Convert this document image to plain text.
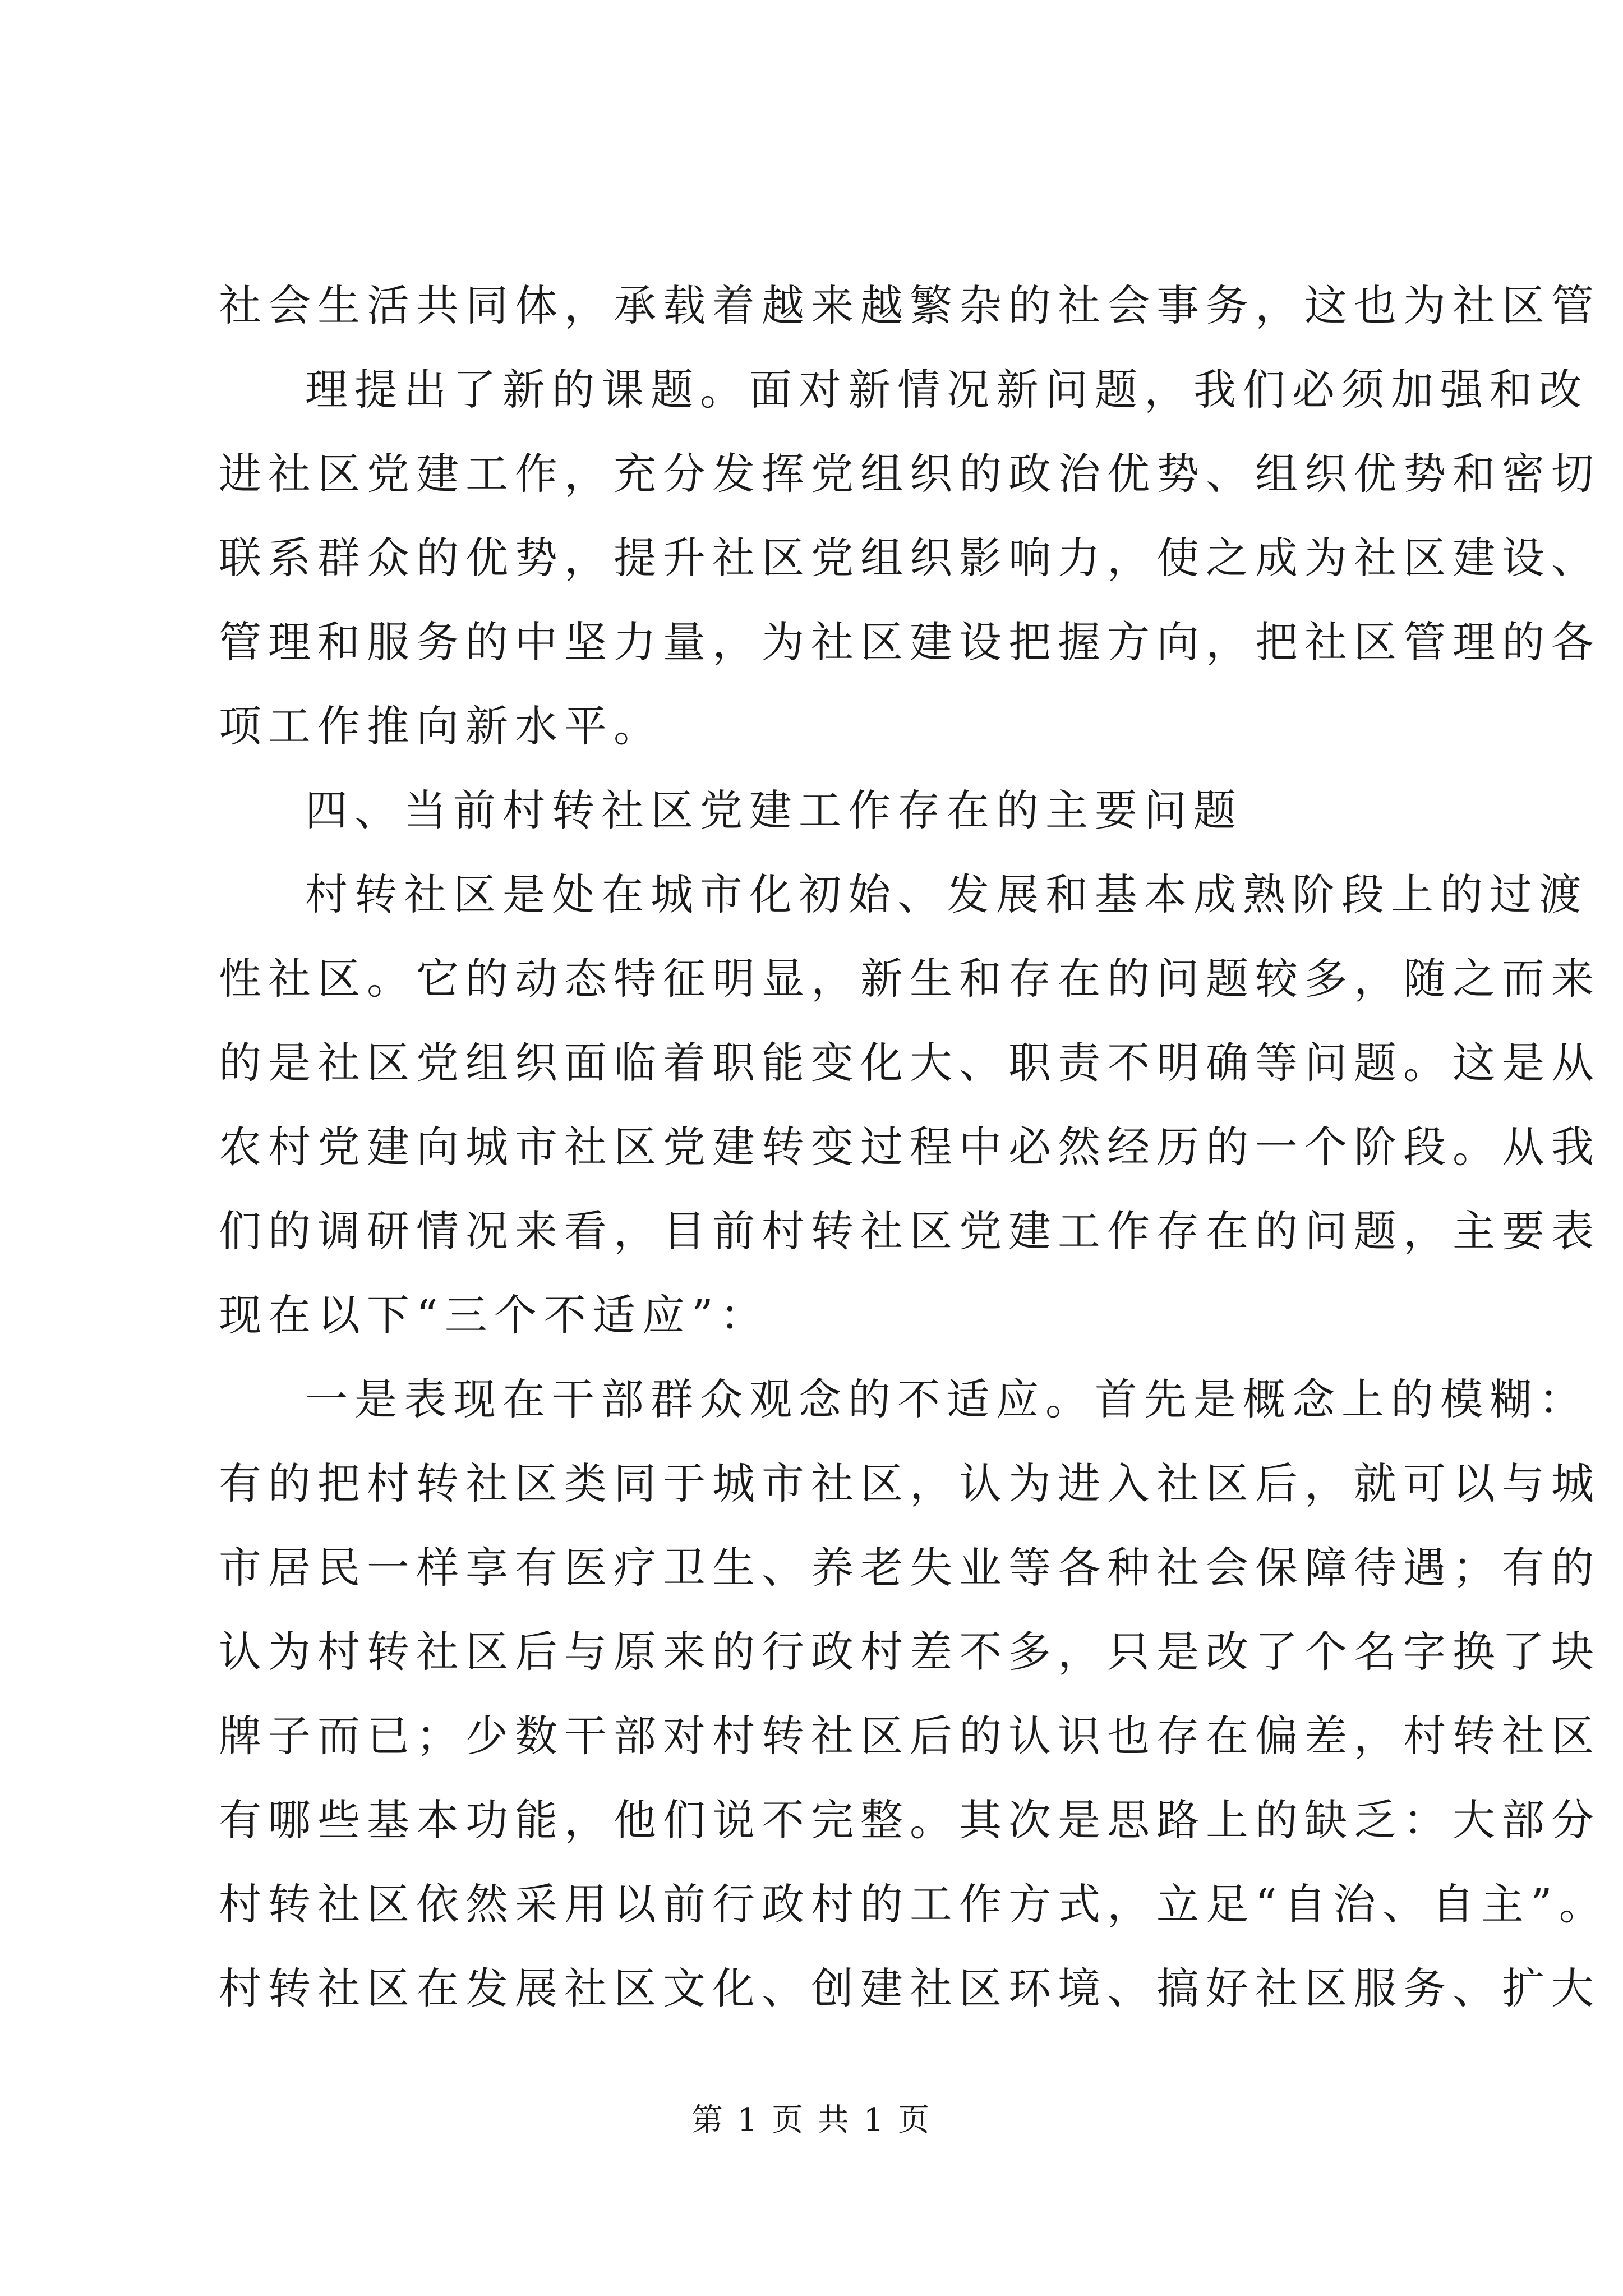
社会生活共同体，承载着越来越繁杂的社会事务，这也为社区管
理提出了新的课题。面对新情况新问题，我们必须加强和改
进社区党建工作，充分发挥党组织的政治优势、组织优势和密切
联系群众的优势，提升社区党组织影响力，使之成为社区建设、
管理和服务的中坚力量，为社区建设把握方向，把社区管理的各
项工作推向新水平。
四、当前村转社区党建工作存在的主要问题
村转社区是处在城市化初始、发展和基本成熟阶段上的过渡
性社区。它的动态特征明显，新生和存在的问题较多，随之而来
的是社区党组织面临着职能变化大、职责不明确等问题。这是从
农村党建向城市社区党建转变过程中必然经历的一个阶段。从我
们的调研情况来看，目前村转社区党建工作存在的问题，主要表
现在以下“三个不适应”：
一是表现在干部群众观念的不适应。首先是概念上的模糊：
有的把村转社区类同于城市社区，认为进入社区后，就可以与城
市居民一样享有医疗卫生、养老失业等各种社会保障待遇；有的
认为村转社区后与原来的行政村差不多，只是改了个名字换了块
牌子而已；少数干部对村转社区后的认识也存在偏差，村转社区
有哪些基本功能，他们说不完整。其次是思路上的缺乏：大部分
村转社区依然采用以前行政村的工作方式，立足“自治、自主”。
村转社区在发展社区文化、创建社区环境、搞好社区服务、扩大
第 1 页 共 1 页
